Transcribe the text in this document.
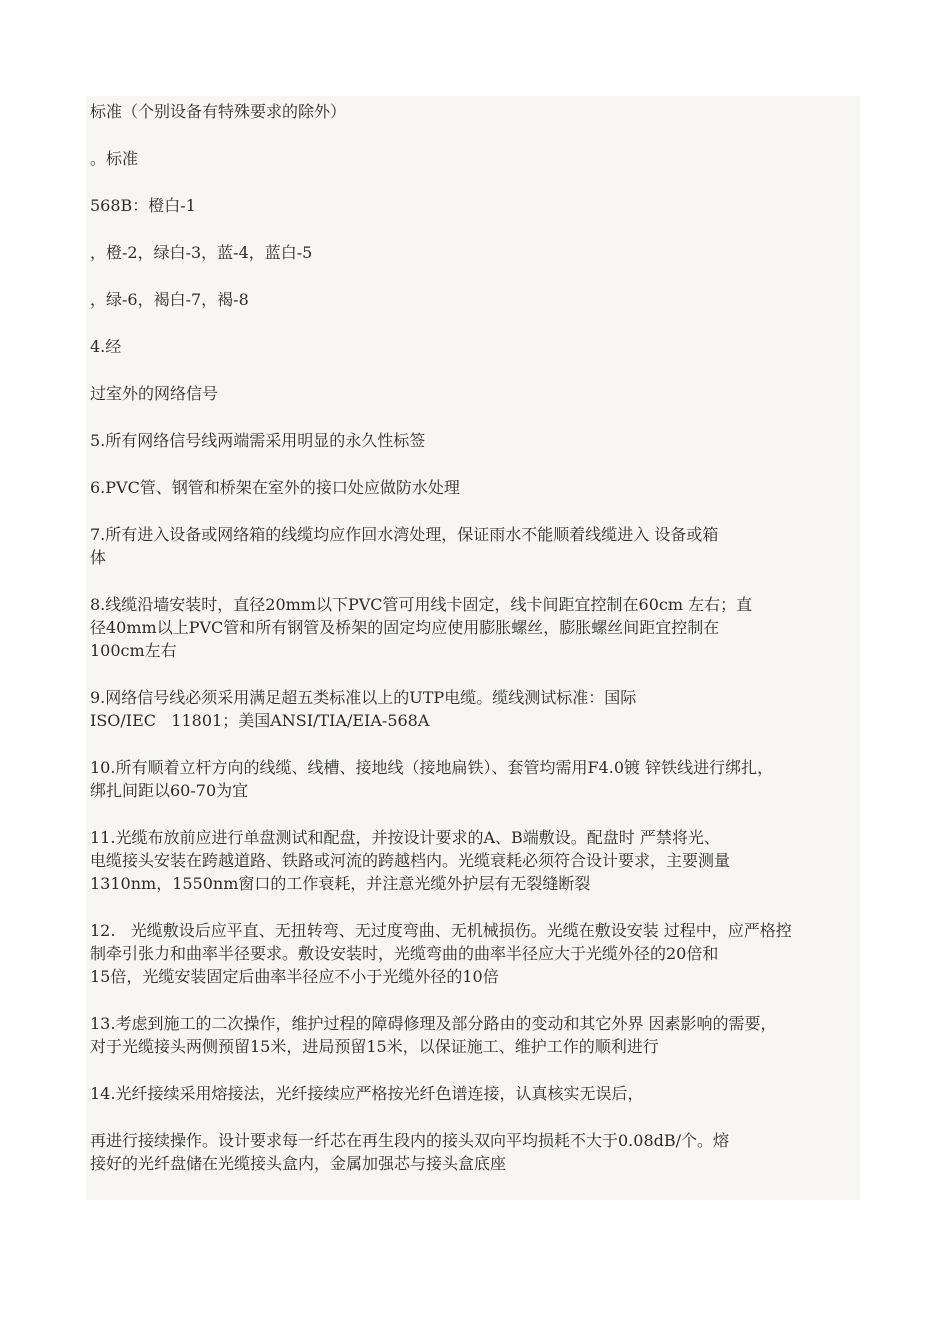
标准（个别设备有特殊要求的除外）

。标准

568B：橙白-1

，橙-2，绿白-3，蓝-4，蓝白-5

，绿-6，褐白-7，褐-8

4.经

过室外的网络信号

5.所有网络信号线两端需采用明显的永久性标签

6.PVC管、钢管和桥架在室外的接口处应做防水处理

7.所有进入设备或网络箱的线缆均应作回水湾处理，保证雨水不能顺着线缆进入 设备或箱
体

8.线缆沿墙安装时，直径20mm以下PVC管可用线卡固定，线卡间距宜控制在60cm 左右；直
径40mm以上PVC管和所有钢管及桥架的固定均应使用膨胀螺丝，膨胀螺丝间距宜控制在
100cm左右

9.网络信号线必须采用满足超五类标准以上的UTP电缆。缆线测试标准：国际
ISO/IEC   11801；美国ANSI/TIA/EIA-568A

10.所有顺着立杆方向的线缆、线槽、接地线（接地扁铁）、套管均需用F4.0镀 锌铁线进行绑扎，
绑扎间距以60-70为宜

11.光缆布放前应进行单盘测试和配盘，并按设计要求的A、B端敷设。配盘时 严禁将光、
电缆接头安装在跨越道路、铁路或河流的跨越档内。光缆衰耗必须符合设计要求，主要测量
1310nm，1550nm窗口的工作衰耗，并注意光缆外护层有无裂缝断裂

12.   光缆敷设后应平直、无扭转弯、无过度弯曲、无机械损伤。光缆在敷设安装 过程中，应严格控
制牵引张力和曲率半径要求。敷设安装时，光缆弯曲的曲率半径应大于光缆外径的20倍和
15倍，光缆安装固定后曲率半径应不小于光缆外径的10倍

13.考虑到施工的二次操作，维护过程的障碍修理及部分路由的变动和其它外界 因素影响的需要，
对于光缆接头两侧预留15米，进局预留15米，以保证施工、维护工作的顺利进行

14.光纤接续采用熔接法，光纤接续应严格按光纤色谱连接，认真核实无误后，

再进行接续操作。设计要求每一纤芯在再生段内的接头双向平均损耗不大于0.08dB/个。熔
接好的光纤盘储在光缆接头盒内，金属加强芯与接头盒底座
